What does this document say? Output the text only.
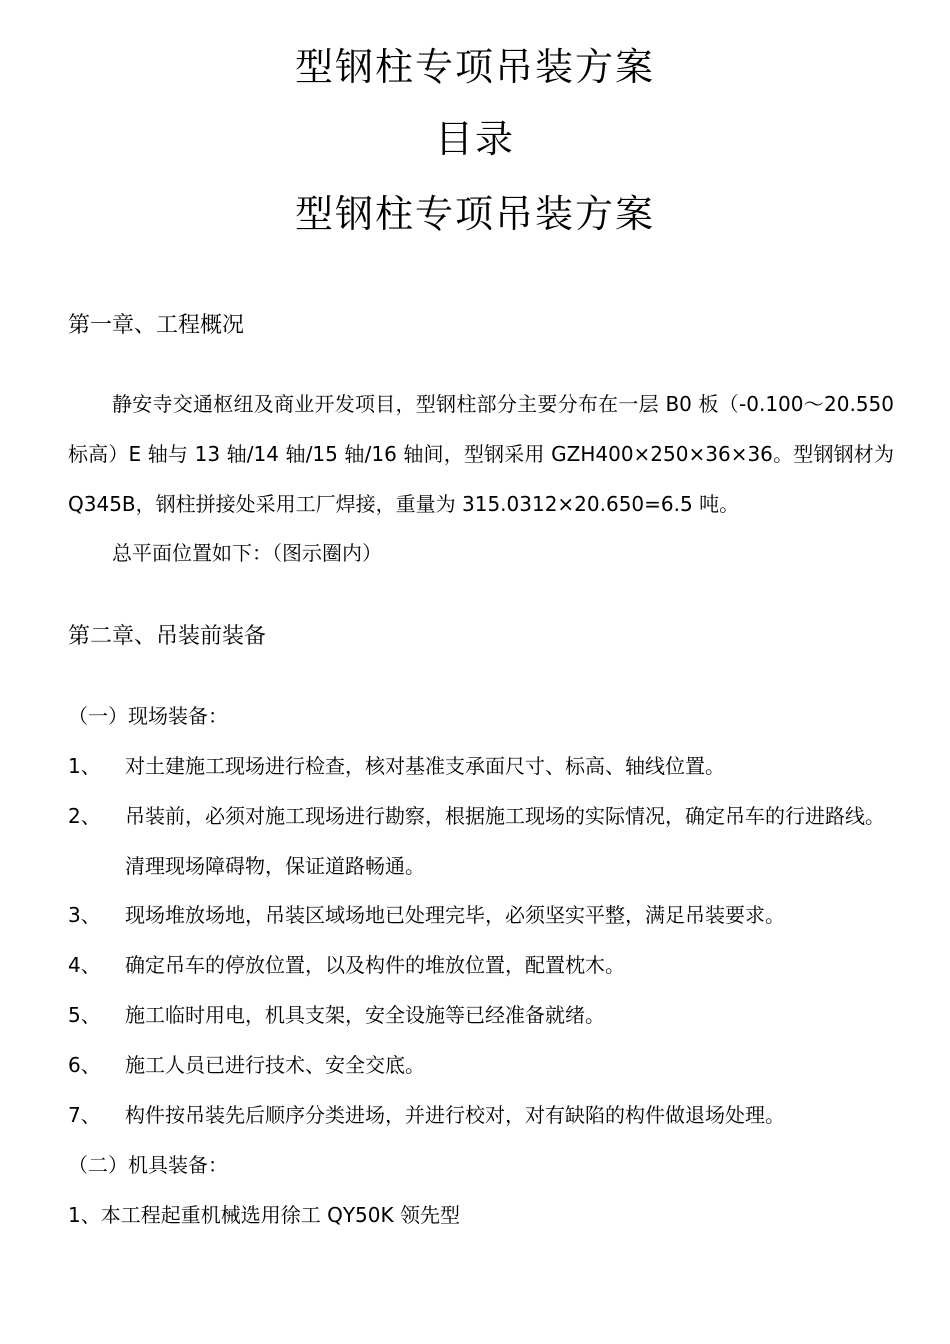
型钢柱专项吊装方案
目录
型钢柱专项吊装方案
第一章、工程概况
静安寺交通枢纽及商业开发项目，型钢柱部分主要分布在一层 B0 板（-0.100～20.550 标高）E 轴与 13 轴/14 轴/15 轴/16 轴间，型钢采用 GZH400×250×36×36。型钢钢材为 Q345B，钢柱拼接处采用工厂焊接，重量为 315.0312×20.650=6.5 吨。
总平面位置如下：（图示圈内）
第二章、吊装前装备
（一）现场装备：
1、 对土建施工现场进行检查，核对基准支承面尺寸、标高、轴线位置。
2、 吊装前，必须对施工现场进行勘察，根据施工现场的实际情况，确定吊车的行进路线。清理现场障碍物，保证道路畅通。
3、 现场堆放场地，吊装区域场地已处理完毕，必须坚实平整，满足吊装要求。
4、 确定吊车的停放位置，以及构件的堆放位置，配置枕木。
5、 施工临时用电，机具支架，安全设施等已经准备就绪。
6、 施工人员已进行技术、安全交底。
7、 构件按吊装先后顺序分类进场，并进行校对，对有缺陷的构件做退场处理。
（二）机具装备：
1、本工程起重机械选用徐工 QY50K 领先型
